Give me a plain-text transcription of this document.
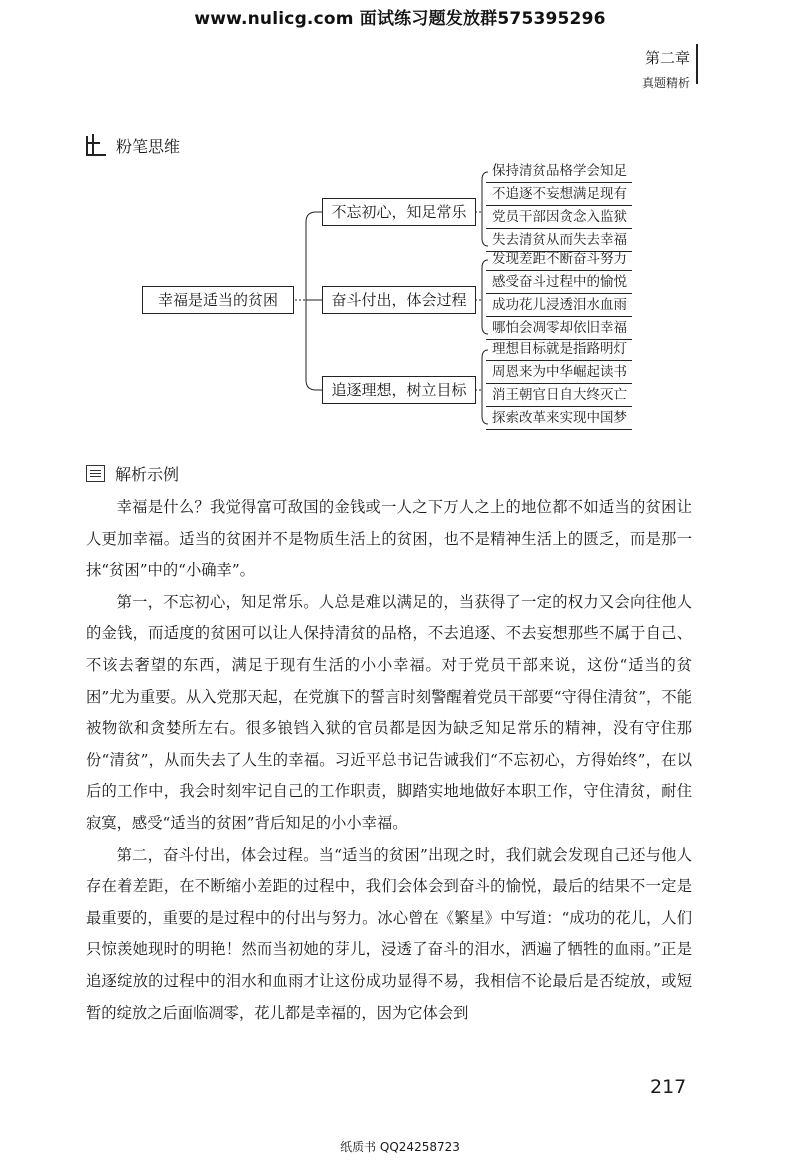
www.nulicg.com 面试练习题发放群575395296
第二章
真题精析
粉笔思维
幸福是适当的贫困
不忘初心，知足常乐
奋斗付出，体会过程
追逐理想，树立目标
保持清贫品格学会知足
不追逐不妄想满足现有
党员干部因贪念入监狱
失去清贫从而失去幸福
发现差距不断奋斗努力
感受奋斗过程中的愉悦
成功花儿浸透泪水血雨
哪怕会凋零却依旧幸福
理想目标就是指路明灯
周恩来为中华崛起读书
消王朝官日自大终灭亡
探索改革来实现中国梦
解析示例

幸福是什么？我觉得富可敌国的金钱或一人之下万人之上的地位都不如适当的贫困让人更加幸福。适当的贫困并不是物质生活上的贫困，也不是精神生活上的匮乏，而是那一抹“贫困”中的“小确幸”。

第一，不忘初心，知足常乐。人总是难以满足的，当获得了一定的权力又会向往他人的金钱，而适度的贫困可以让人保持清贫的品格，不去追逐、不去妄想那些不属于自己、不该去奢望的东西，满足于现有生活的小小幸福。对于党员干部来说，这份“适当的贫困”尤为重要。从入党那天起，在党旗下的誓言时刻警醒着党员干部要“守得住清贫”，不能被物欲和贪婪所左右。很多锒铛入狱的官员都是因为缺乏知足常乐的精神，没有守住那份“清贫”，从而失去了人生的幸福。习近平总书记告诫我们“不忘初心，方得始终”，在以后的工作中，我会时刻牢记自己的工作职责，脚踏实地地做好本职工作，守住清贫，耐住寂寞，感受“适当的贫困”背后知足的小小幸福。

第二，奋斗付出，体会过程。当“适当的贫困”出现之时，我们就会发现自己还与他人存在着差距，在不断缩小差距的过程中，我们会体会到奋斗的愉悦，最后的结果不一定是最重要的，重要的是过程中的付出与努力。冰心曾在《繁星》中写道：“成功的花儿，人们只惊羡她现时的明艳！然而当初她的芽儿，浸透了奋斗的泪水，洒遍了牺牲的血雨。”正是追逐绽放的过程中的泪水和血雨才让这份成功显得不易，我相信不论最后是否绽放，或短暂的绽放之后面临凋零，花儿都是幸福的，因为它体会到

217
纸质书 QQ24258723
